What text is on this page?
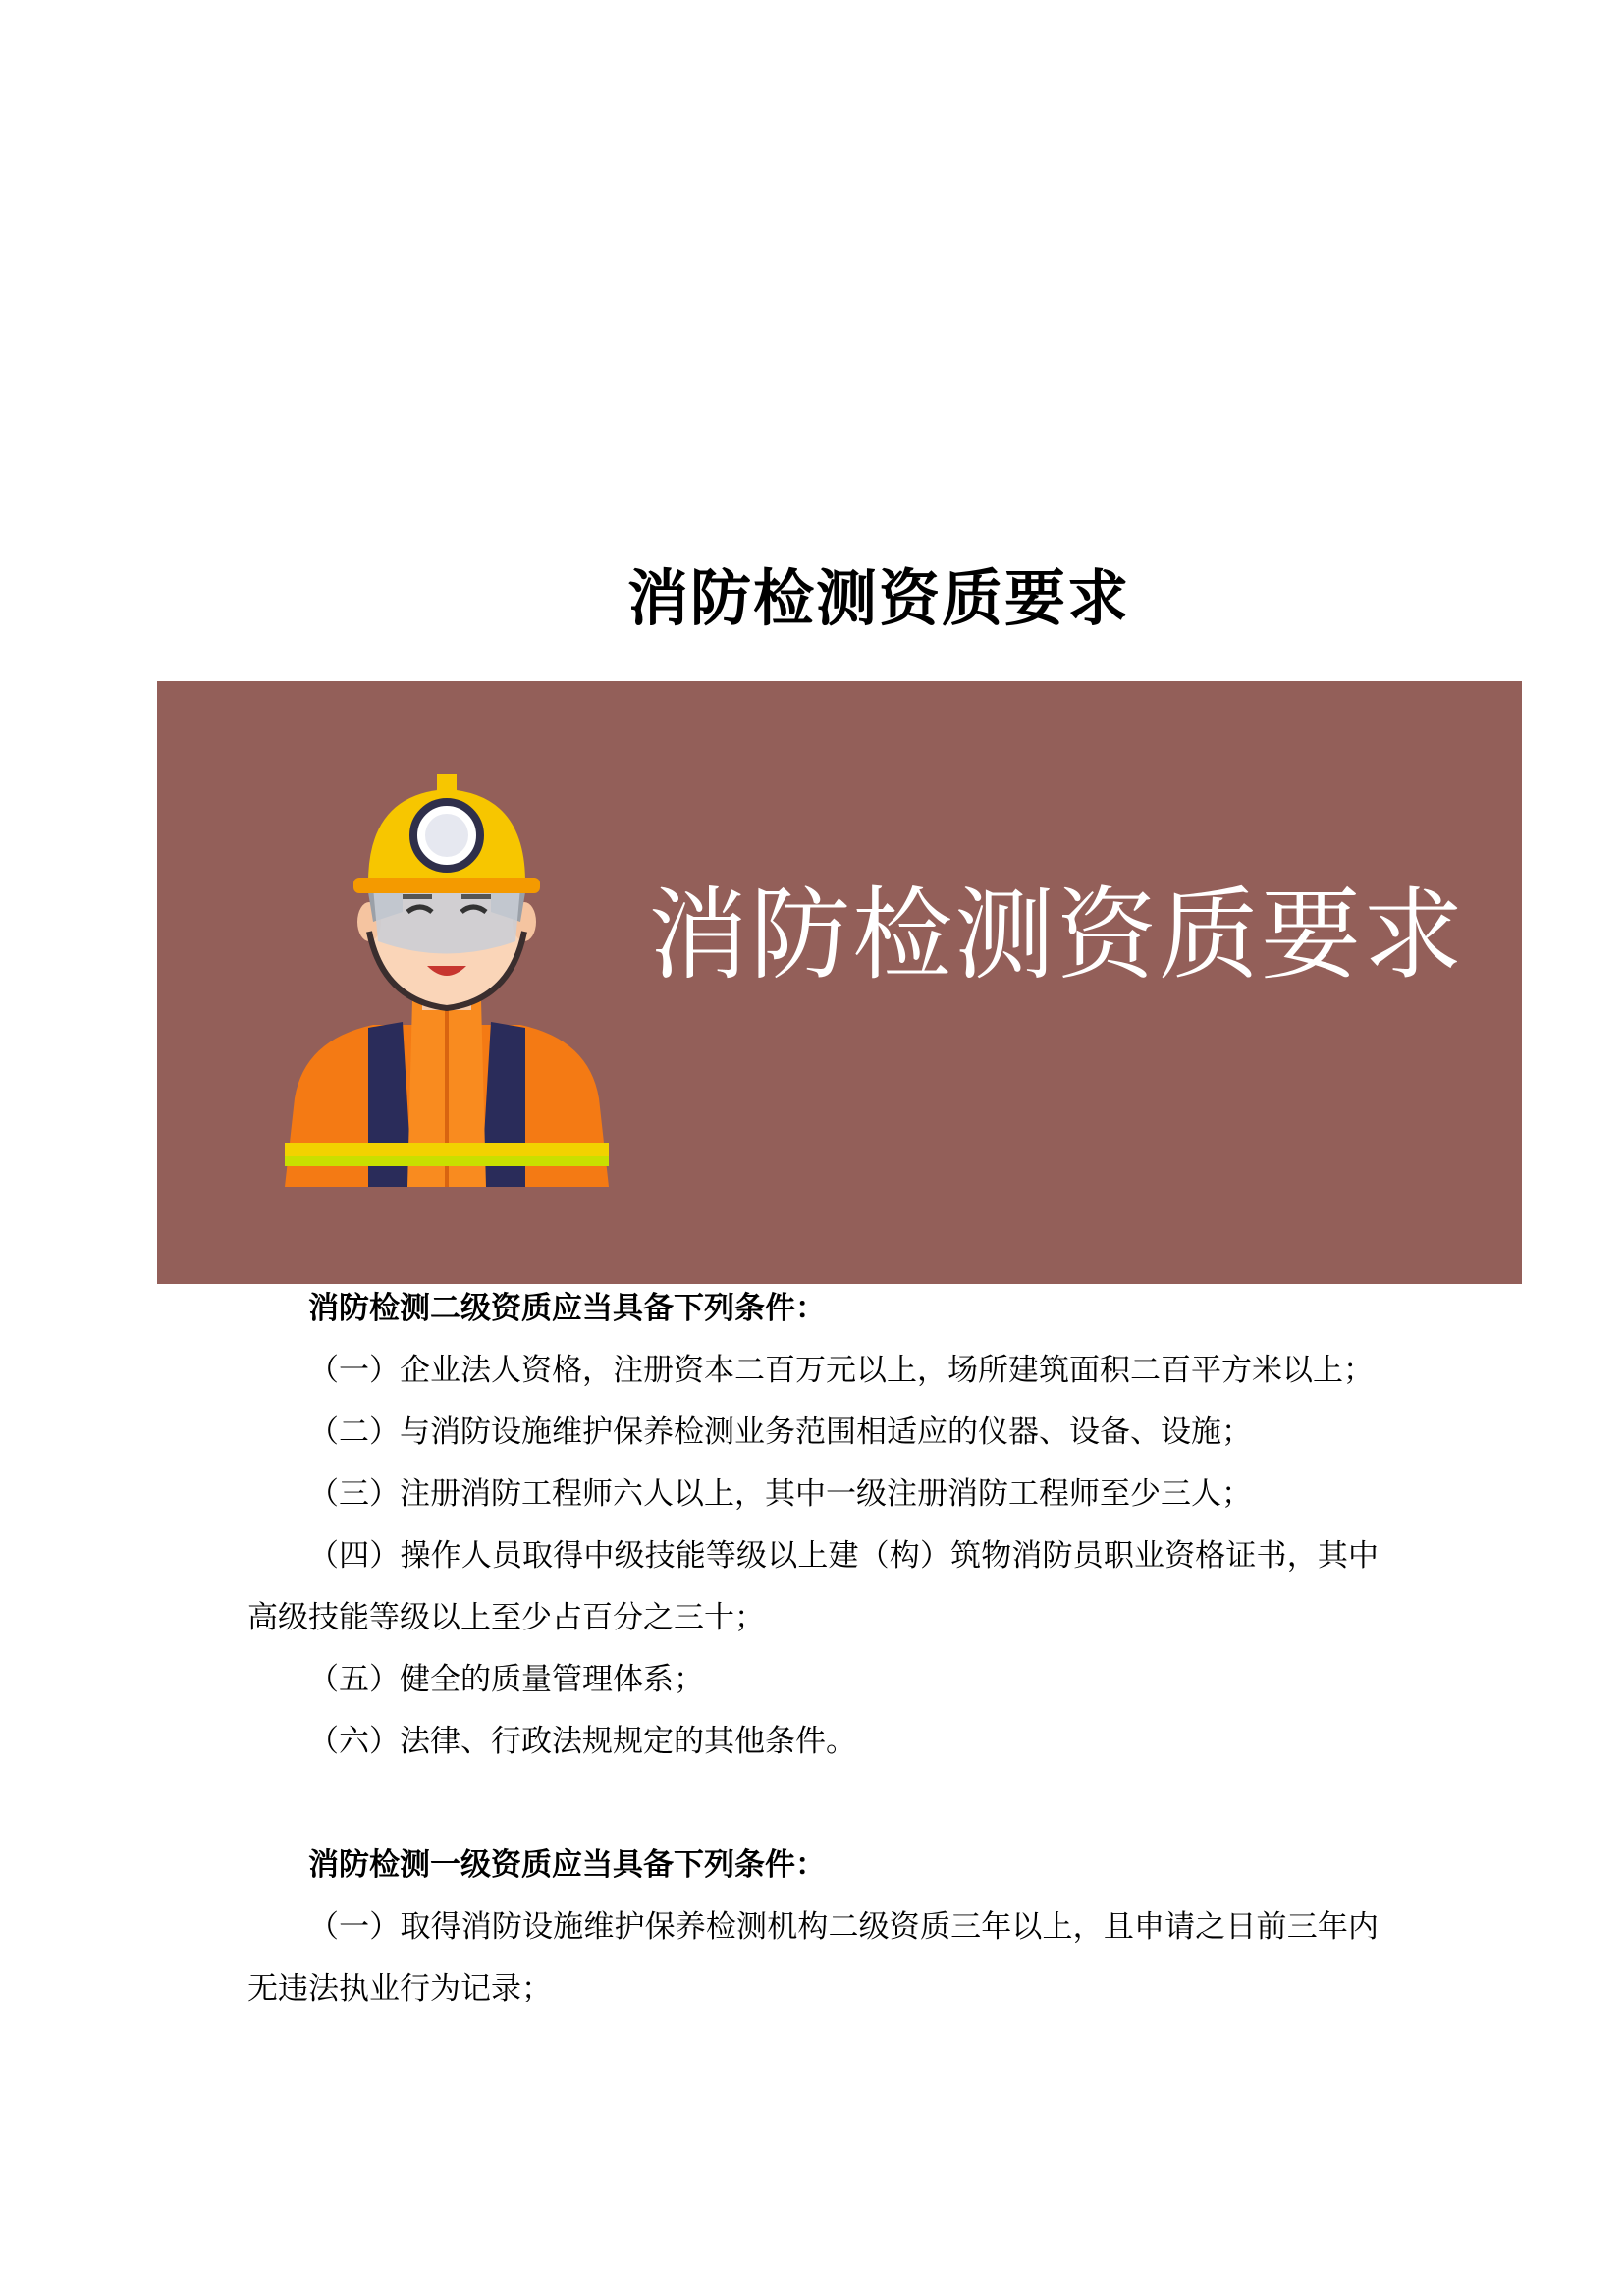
消防检测资质要求
消防检测资质要求

消防检测二级资质应当具备下列条件：

（一）企业法人资格，注册资本二百万元以上，场所建筑面积二百平方米以上；

（二）与消防设施维护保养检测业务范围相适应的仪器、设备、设施；

（三）注册消防工程师六人以上，其中一级注册消防工程师至少三人；

（四）操作人员取得中级技能等级以上建（构）筑物消防员职业资格证书，其中高级技能等级以上至少占百分之三十；

（五）健全的质量管理体系；

（六）法律、行政法规规定的其他条件。

消防检测一级资质应当具备下列条件：

（一）取得消防设施维护保养检测机构二级资质三年以上，且申请之日前三年内无违法执业行为记录；
